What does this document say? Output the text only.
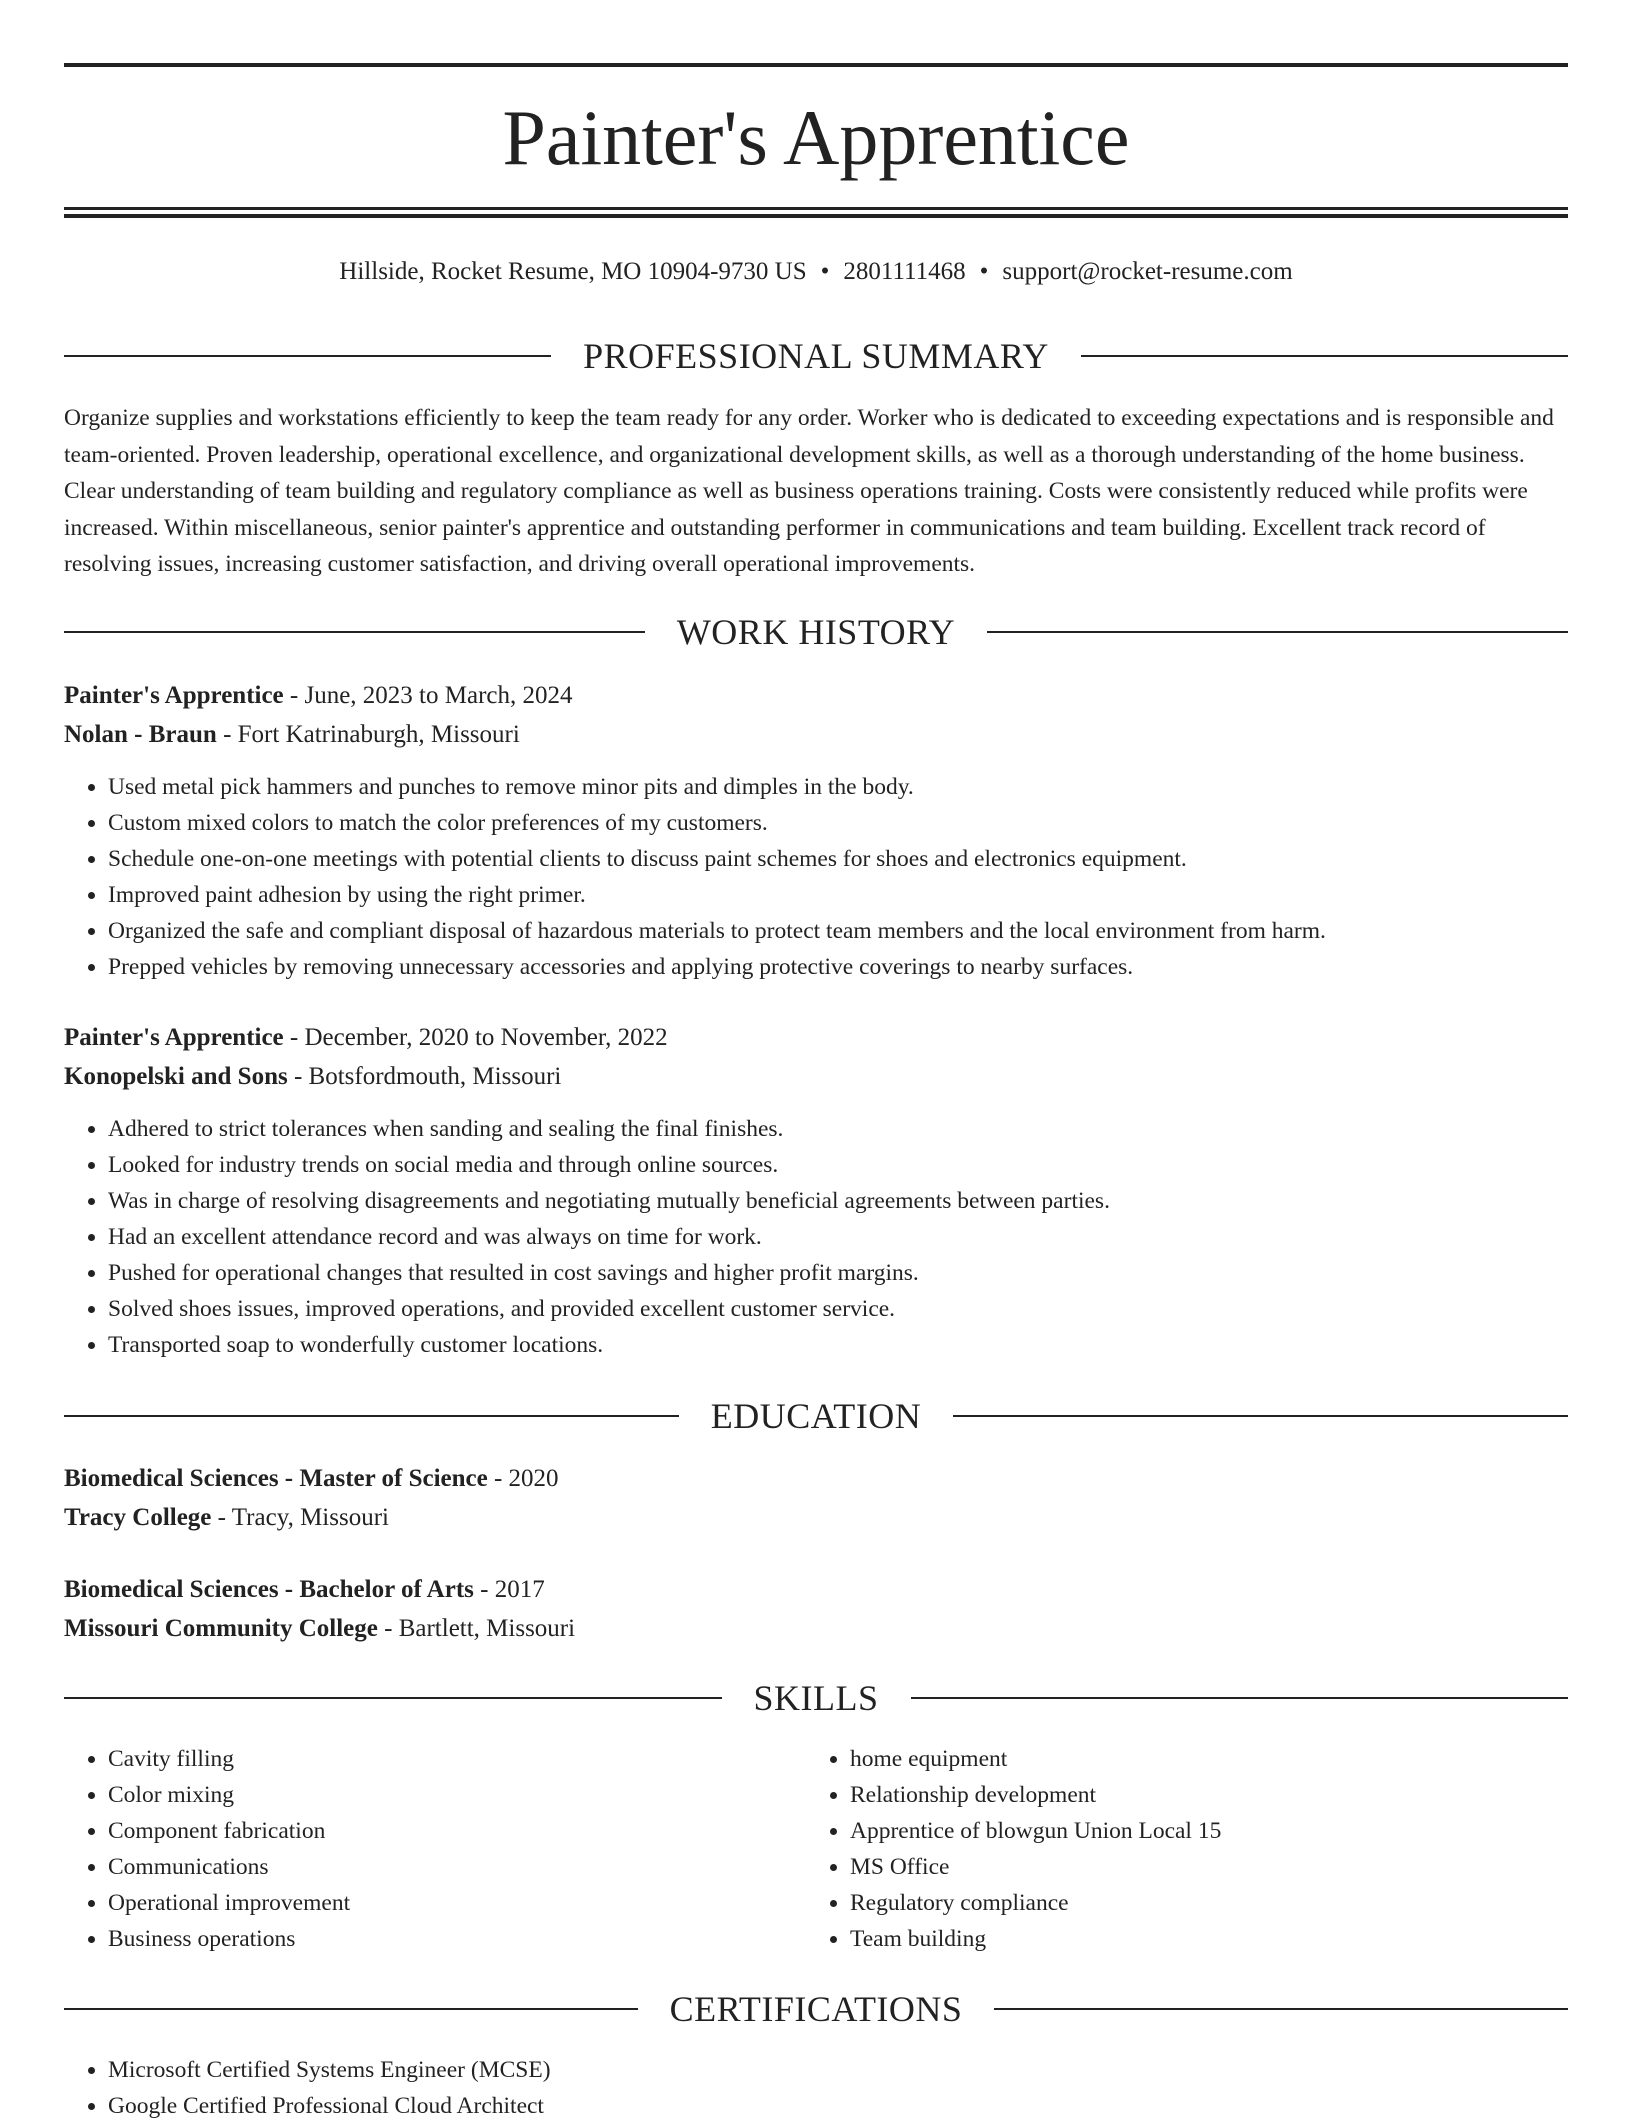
Painter's Apprentice
Hillside, Rocket Resume, MO 10904-9730 US • 2801111468 • support@rocket-resume.com
PROFESSIONAL SUMMARY
Organize supplies and workstations efficiently to keep the team ready for any order. Worker who is dedicated to exceeding expectations and is responsible and team-oriented. Proven leadership, operational excellence, and organizational development skills, as well as a thorough understanding of the home business. Clear understanding of team building and regulatory compliance as well as business operations training. Costs were consistently reduced while profits were increased. Within miscellaneous, senior painter's apprentice and outstanding performer in communications and team building. Excellent track record of resolving issues, increasing customer satisfaction, and driving overall operational improvements.
WORK HISTORY
Painter's Apprentice - June, 2023 to March, 2024
Nolan - Braun - Fort Katrinaburgh, Missouri
• Used metal pick hammers and punches to remove minor pits and dimples in the body.
• Custom mixed colors to match the color preferences of my customers.
• Schedule one-on-one meetings with potential clients to discuss paint schemes for shoes and electronics equipment.
• Improved paint adhesion by using the right primer.
• Organized the safe and compliant disposal of hazardous materials to protect team members and the local environment from harm.
• Prepped vehicles by removing unnecessary accessories and applying protective coverings to nearby surfaces.
Painter's Apprentice - December, 2020 to November, 2022
Konopelski and Sons - Botsfordmouth, Missouri
• Adhered to strict tolerances when sanding and sealing the final finishes.
• Looked for industry trends on social media and through online sources.
• Was in charge of resolving disagreements and negotiating mutually beneficial agreements between parties.
• Had an excellent attendance record and was always on time for work.
• Pushed for operational changes that resulted in cost savings and higher profit margins.
• Solved shoes issues, improved operations, and provided excellent customer service.
• Transported soap to wonderfully customer locations.
EDUCATION
Biomedical Sciences - Master of Science - 2020
Tracy College - Tracy, Missouri
Biomedical Sciences - Bachelor of Arts - 2017
Missouri Community College - Bartlett, Missouri
SKILLS
• Cavity filling
• Color mixing
• Component fabrication
• Communications
• Operational improvement
• Business operations
• home equipment
• Relationship development
• Apprentice of blowgun Union Local 15
• MS Office
• Regulatory compliance
• Team building
CERTIFICATIONS
• Microsoft Certified Systems Engineer (MCSE)
• Google Certified Professional Cloud Architect
